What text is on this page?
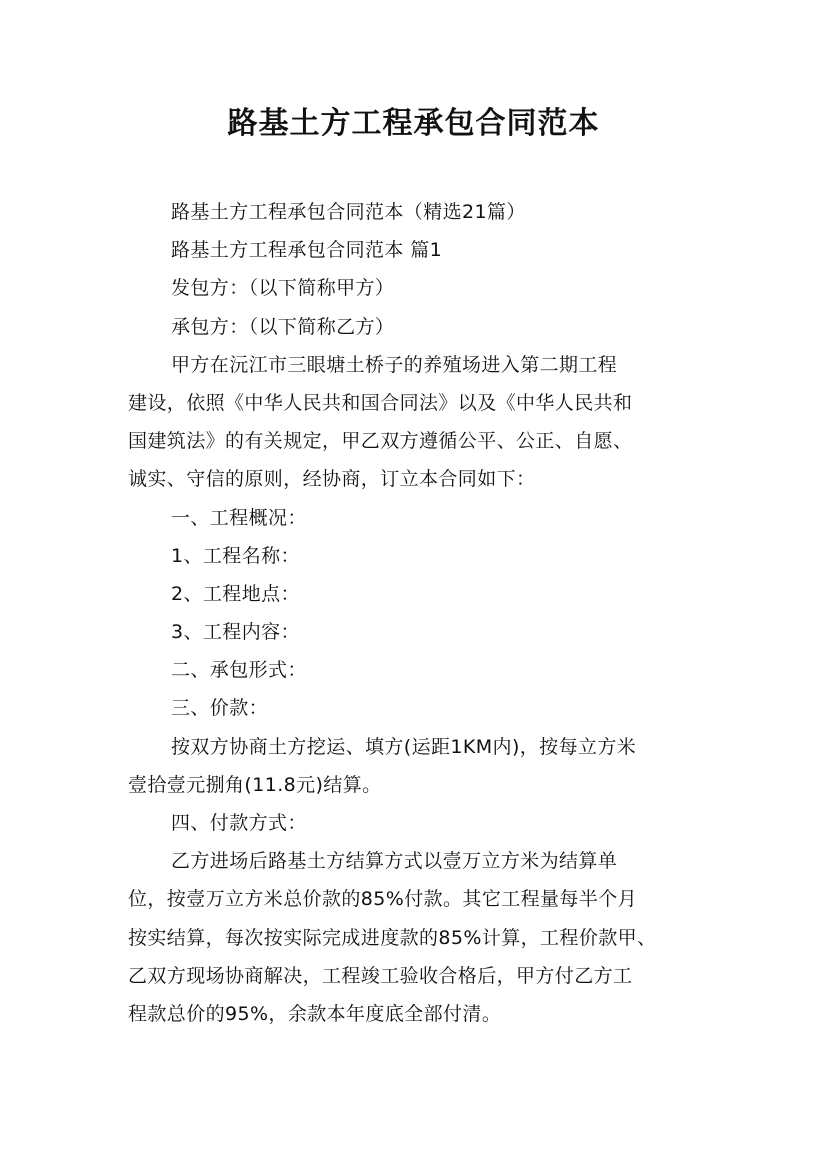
路基土方工程承包合同范本
路基土方工程承包合同范本（精选21篇）
路基土方工程承包合同范本 篇1
发包方：（以下简称甲方）
承包方：（以下简称乙方）
甲方在沅江市三眼塘土桥子的养殖场进入第二期工程
建设，依照《中华人民共和国合同法》以及《中华人民共和
国建筑法》的有关规定，甲乙双方遵循公平、公正、自愿、
诚实、守信的原则，经协商，订立本合同如下：
一、工程概况：
1、工程名称：
2、工程地点：
3、工程内容：
二、承包形式：
三、价款：
按双方协商土方挖运、填方(运距1KM内)，按每立方米
壹拾壹元捌角(11.8元)结算。
四、付款方式：
乙方进场后路基土方结算方式以壹万立方米为结算单
位，按壹万立方米总价款的85%付款。其它工程量每半个月
按实结算，每次按实际完成进度款的85%计算，工程价款甲、
乙双方现场协商解决，工程竣工验收合格后，甲方付乙方工
程款总价的95%，余款本年度底全部付清。
